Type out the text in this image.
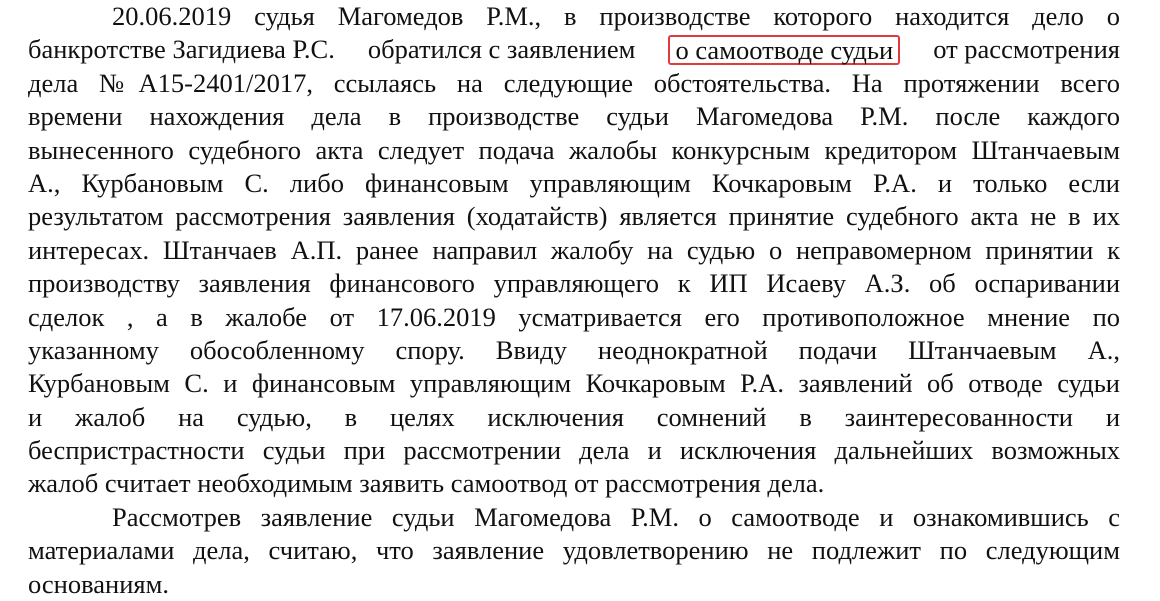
20.06.2019 судья Магомедов Р.М., в производстве которого находится дело о
банкротстве Загидиева Р.С. обратился с заявлением о самоотводе судьи от рассмотрения
дела №А15-2401/2017, ссылаясь на следующие обстоятельства. На протяжении всего
времени нахождения дела в производстве судьи Магомедова Р.М. после каждого
вынесенного судебного акта следует подача жалобы конкурсным кредитором Штанчаевым
А., Курбановым С. либо финансовым управляющим Кочкаровым Р.А. и только если
результатом рассмотрения заявления (ходатайств) является принятие судебного акта не в их
интересах. Штанчаев А.П. ранее направил жалобу на судью о неправомерном принятии к
производству заявления финансового управляющего к ИП Исаеву А.З. об оспаривании
сделок , а в жалобе от 17.06.2019 усматривается его противоположное мнение по
указанному обособленному спору. Ввиду неоднократной подачи Штанчаевым А.,
Курбановым С. и финансовым управляющим Кочкаровым Р.А. заявлений об отводе судьи
и жалоб на судью, в целях исключения сомнений в заинтересованности и
беспристрастности судьи при рассмотрении дела и исключения дальнейших возможных
жалоб считает необходимым заявить самоотвод от рассмотрения дела.
Рассмотрев заявление судьи Магомедова Р.М. о самоотводе и ознакомившись с
материалами дела, считаю, что заявление удовлетворению не подлежит по следующим
основаниям.
